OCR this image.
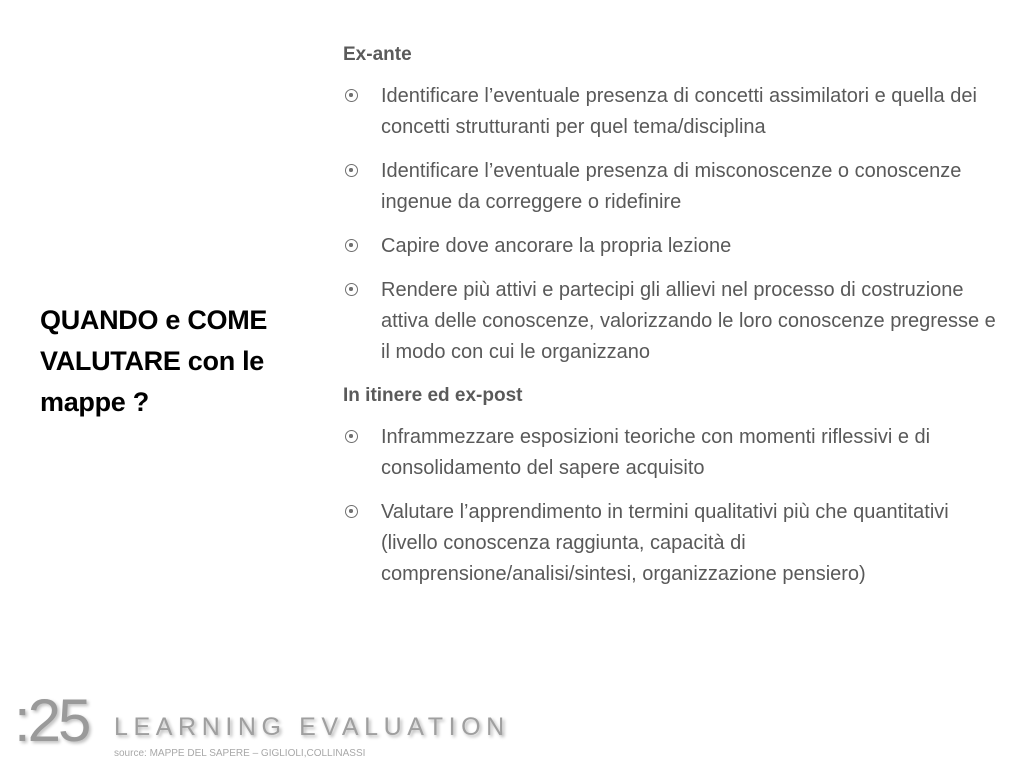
QUANDO e COME VALUTARE con le mappe ?
Ex-ante
Identificare l’eventuale presenza di concetti assimilatori e quella dei concetti strutturanti per quel tema/disciplina
Identificare l’eventuale presenza di misconoscenze o conoscenze ingenue da correggere o ridefinire
Capire dove ancorare la propria lezione
Rendere più attivi e partecipi gli allievi nel processo di costruzione attiva delle conoscenze, valorizzando le loro conoscenze pregresse e il modo con cui le organizzano
In itinere ed ex-post
Inframmezzare esposizioni teoriche con momenti riflessivi e di consolidamento del sapere acquisito
Valutare l’apprendimento in termini qualitativi più che quantitativi (livello conoscenza raggiunta, capacità di comprensione/analisi/sintesi, organizzazione pensiero)
:25 LEARNING EVALUATION
source: MAPPE DEL SAPERE – GIGLIOLI,COLLINASSI
